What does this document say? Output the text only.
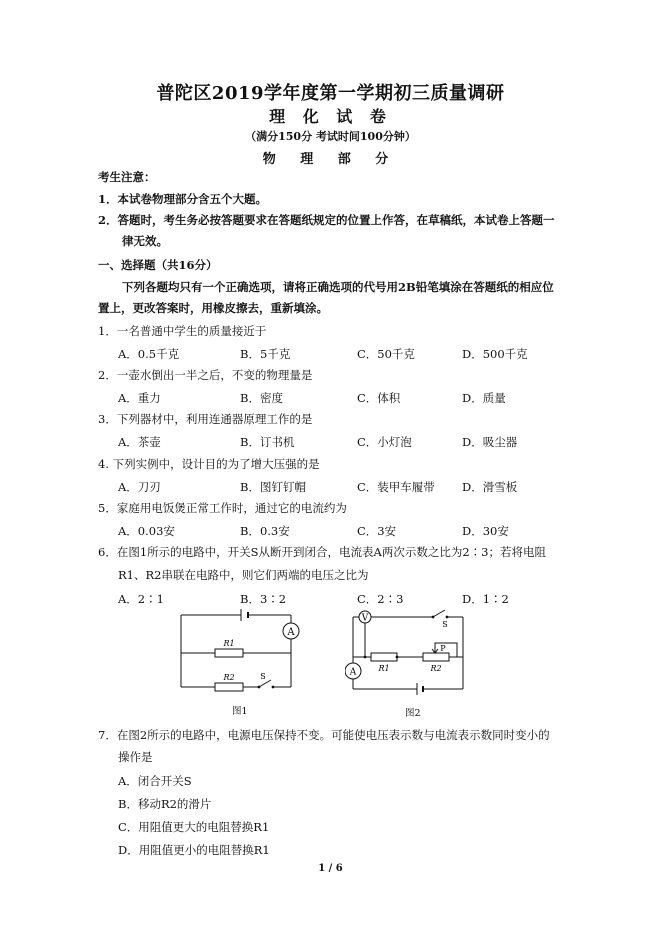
普陀区2019学年度第一学期初三质量调研
理 化 试 卷
（满分150分 考试时间100分钟）
物 理 部 分
考生注意：
1．本试卷物理部分含五个大题。
2．答题时，考生务必按答题要求在答题纸规定的位置上作答，在草稿纸，本试卷上答题一
律无效。
一、选择题（共16分）
下列各题均只有一个正确选项，请将正确选项的代号用2B铅笔填涂在答题纸的相应位
置上，更改答案时，用橡皮擦去，重新填涂。
1．一名普通中学生的质量接近于
A．0.5千克	B．5千克	C．50千克	D．500千克
2．一壶水倒出一半之后，不变的物理量是
A．重力	B．密度	C．体积	D．质量
3．下列器材中，利用连通器原理工作的是
A．茶壶	B．订书机	C．小灯泡	D．吸尘器
4. 下列实例中，设计目的为了增大压强的是
A．刀刃	B．图钉钉帽	C．装甲车履带 D．滑雪板
5．家庭用电饭煲正常工作时，通过它的电流约为
A．0.03安	B．0.3安	C．3安	D．30安
6．在图1所示的电路中，开关S从断开到闭合，电流表A两次示数之比为2∶3；若将电阻
R1、R2串联在电路中，则它们两端的电压之比为
A．2∶1	B．3∶2	C．2∶3	D．1∶2
A
R1
R2	S
图1
V
S
P
R1	R2
A
图2
7．在图2所示的电路中，电源电压保持不变。可能使电压表示数与电流表示数同时变小的
操作是
A．闭合开关S
B．移动R2的滑片
C．用阻值更大的电阻替换R1
D．用阻值更小的电阻替换R1
1 / 6
